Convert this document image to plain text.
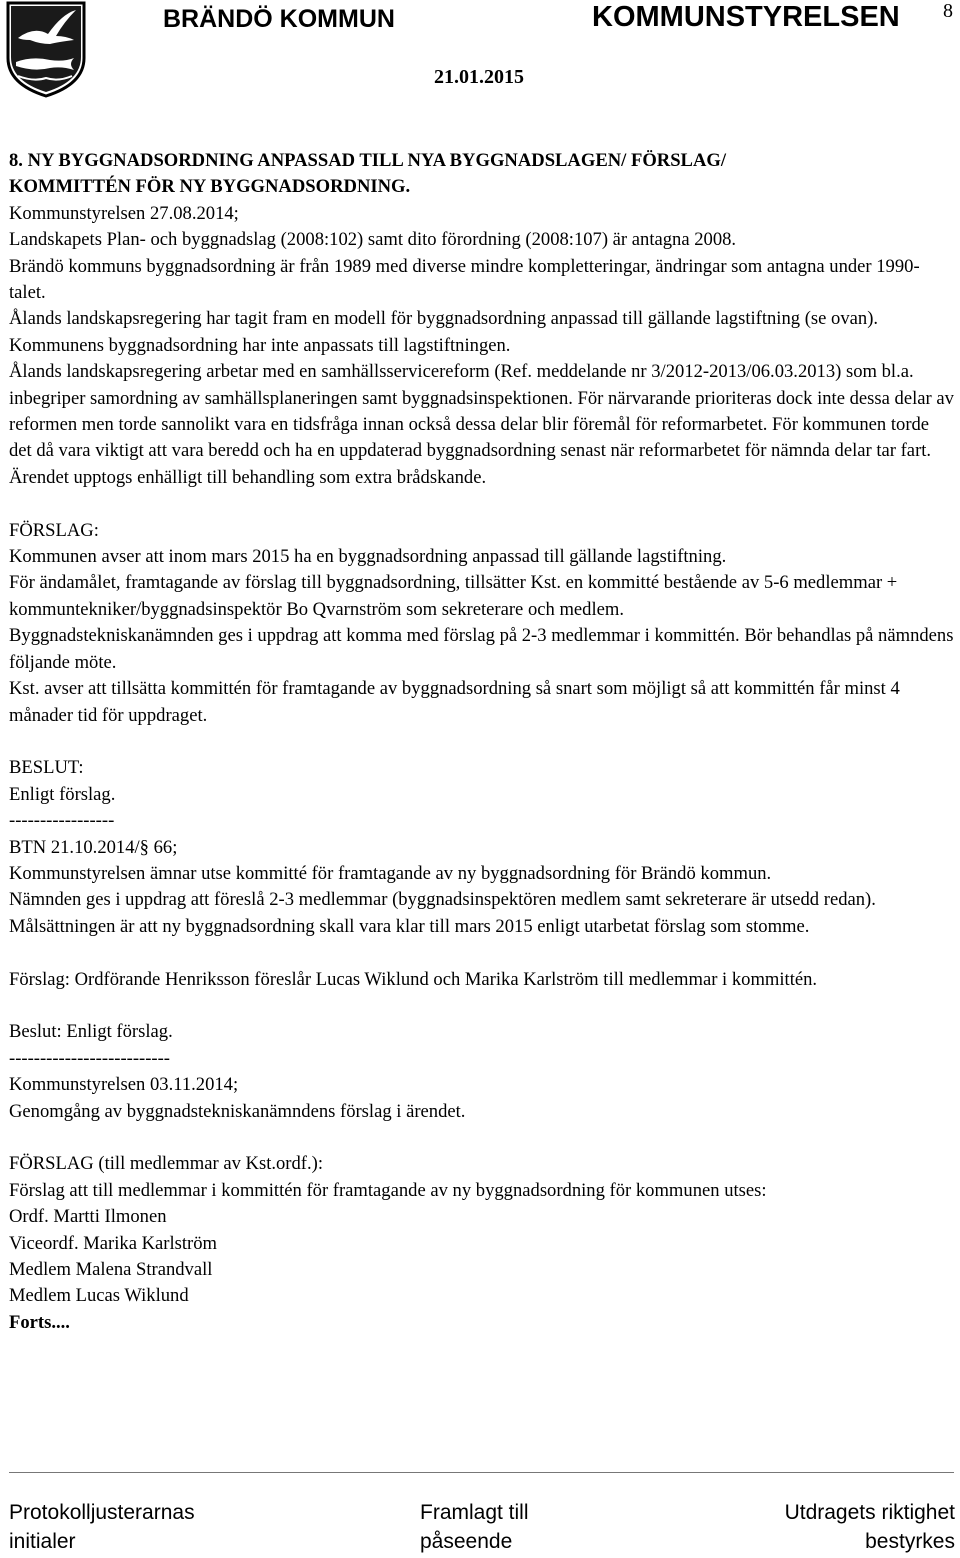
BRÄNDÖ KOMMUN	KOMMUNSTYRELSEN 8
21.01.2015

8. NY BYGGNADSORDNING ANPASSAD TILL NYA BYGGNADSLAGEN/ FÖRSLAG/

KOMMITTÉN FÖR NY BYGGNADSORDNING.

Kommunstyrelsen 27.08.2014;

Landskapets Plan- och byggnadslag (2008:102) samt dito förordning (2008:107) är antagna 2008.

Brändö kommuns byggnadsordning är från 1989 med diverse mindre kompletteringar, ändringar som antagna under 1990-talet.

Ålands landskapsregering har tagit fram en modell för byggnadsordning anpassad till gällande lagstiftning (se ovan). Kommunens byggnadsordning har inte anpassats till lagstiftningen.

Ålands landskapsregering arbetar med en samhällsservicereform (Ref. meddelande nr 3/2012-2013/06.03.2013) som bl.a. inbegriper samordning av samhällsplaneringen samt byggnadsinspektionen. För närvarande prioriteras dock inte dessa delar av reformen men torde sannolikt vara en tidsfråga innan också dessa delar blir föremål för reformarbetet. För kommunen torde det då vara viktigt att vara beredd och ha en uppdaterad byggnadsordning senast när reformarbetet för nämnda delar tar fart.

Ärendet upptogs enhälligt till behandling som extra brådskande.

FÖRSLAG:

Kommunen avser att inom mars 2015 ha en byggnadsordning anpassad till gällande lagstiftning.

För ändamålet, framtagande av förslag till byggnadsordning, tillsätter Kst. en kommitté bestående av 5-6 medlemmar + kommuntekniker/byggnadsinspektör Bo Qvarnström som sekreterare och medlem.

Byggnadstekniskanämnden ges i uppdrag att komma med förslag på 2-3 medlemmar i kommittén. Bör behandlas på nämndens följande möte.

Kst. avser att tillsätta kommittén för framtagande av byggnadsordning så snart som möjligt så att kommittén får minst 4 månader tid för uppdraget.

BESLUT:

Enligt förslag.

-----------------

BTN 21.10.2014/§ 66;

Kommunstyrelsen ämnar utse kommitté för framtagande av ny byggnadsordning för Brändö kommun.

Nämnden ges i uppdrag att föreslå 2-3 medlemmar (byggnadsinspektören medlem samt sekreterare är utsedd redan). Målsättningen är att ny byggnadsordning skall vara klar till mars 2015 enligt utarbetat förslag som stomme.

Förslag: Ordförande Henriksson föreslår Lucas Wiklund och Marika Karlström till medlemmar i kommittén.

Beslut: Enligt förslag.

--------------------------

Kommunstyrelsen 03.11.2014;

Genomgång av byggnadstekniskanämndens förslag i ärendet.

FÖRSLAG (till medlemmar av Kst.ordf.):

Förslag att till medlemmar i kommittén för framtagande av ny byggnadsordning för kommunen utses:

Ordf. Martti Ilmonen

Viceordf. Marika Karlström

Medlem Malena Strandvall

Medlem Lucas Wiklund

Forts....

Protokolljusterarnas
initialer
Framlagt till
påseende
Utdragets riktighet
bestyrkes
